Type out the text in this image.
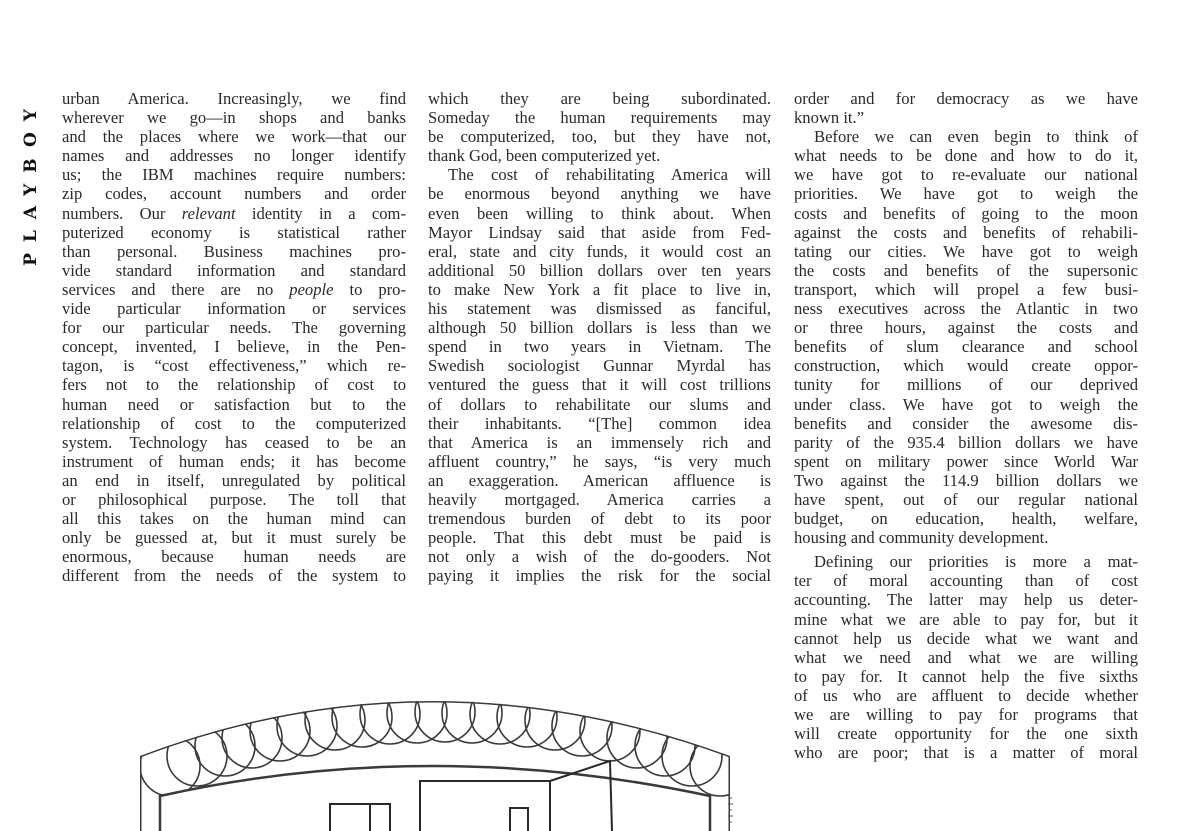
PLAYBOY urban America. Increasingly, we find
wherever we go—in shops and banks
and the places where we work—that our
names and addresses no longer identify
us; the IBM machines require numbers:
zip codes, account numbers and order
numbers. Our relevant identity in a com-
puterized economy is statistical rather
than personal. Business machines pro-
vide standard information and standard
services and there are no people to pro-
vide particular information or services
for our particular needs. The governing
concept, invented, I believe, in the Pen-
tagon, is “cost effectiveness,” which re-
fers not to the relationship of cost to
human need or satisfaction but to the
relationship of cost to the computerized
system. Technology has ceased to be an
instrument of human ends; it has become
an end in itself, unregulated by political
or philosophical purpose. The toll that
all this takes on the human mind can
only be guessed at, but it must surely be
enormous, because human needs are
different from the needs of the system to
which they are being subordinated.
Someday the human requirements may
be computerized, too, but they have not,
thank God, been computerized yet.
The cost of rehabilitating America will
be enormous beyond anything we have
even been willing to think about. When
Mayor Lindsay said that aside from Fed-
eral, state and city funds, it would cost an
additional 50 billion dollars over ten years
to make New York a fit place to live in,
his statement was dismissed as fanciful,
although 50 billion dollars is less than we
spend in two years in Vietnam. The
Swedish sociologist Gunnar Myrdal has
ventured the guess that it will cost trillions
of dollars to rehabilitate our slums and
their inhabitants. “[The] common idea
that America is an immensely rich and
affluent country,” he says, “is very much
an exaggeration. American affluence is
heavily mortgaged. America carries a
tremendous burden of debt to its poor
people. That this debt must be paid is
not only a wish of the do-gooders. Not
paying it implies the risk for the social
order and for democracy as we have
known it.”
Before we can even begin to think of
what needs to be done and how to do it,
we have got to re-evaluate our national
priorities. We have got to weigh the
costs and benefits of going to the moon
against the costs and benefits of rehabili-
tating our cities. We have got to weigh
the costs and benefits of the supersonic
transport, which will propel a few busi-
ness executives across the Atlantic in two
or three hours, against the costs and
benefits of slum clearance and school
construction, which would create oppor-
tunity for millions of our deprived
under class. We have got to weigh the
benefits and consider the awesome dis-
parity of the 935.4 billion dollars we have
spent on military power since World War
Two against the 114.9 billion dollars we
have spent, out of our regular national
budget, on education, health, welfare,
housing and community development.
Defining our priorities is more a mat-
ter of moral accounting than of cost
accounting. The latter may help us deter-
mine what we are able to pay for, but it
cannot help us decide what we want and
what we need and what we are willing
to pay for. It cannot help the five sixths
of us who are affluent to decide whether
we are willing to pay for programs that
will create opportunity for the one sixth
who are poor; that is a matter of moral
